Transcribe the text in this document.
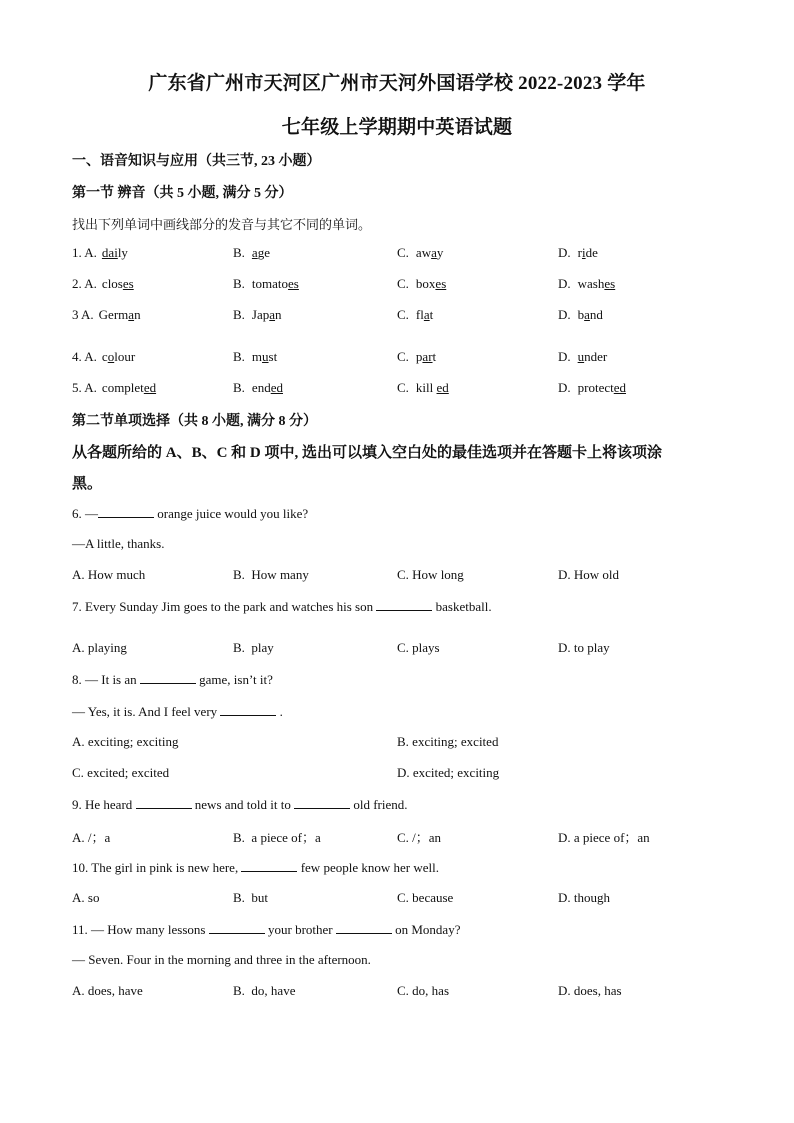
广东省广州市天河区广州市天河外国语学校 2022-2023 学年
七年级上学期期中英语试题
一、语音知识与应用（共三节, 23 小题）
第一节 辨音（共 5 小题, 满分 5 分）
找出下列单词中画线部分的发音与其它不同的单词。
1. A. daily	B. age	C. away	D. ride
2. A. closes	B. tomatoes	C. boxes	D. washes
3 A. German	B. Japan	C. flat	D. band
4. A. colour	B. must	C. part	D. under
5. A. completed	B. ended	C. kill ed	D. protected
第二节单项选择（共 8 小题, 满分 8 分）
从各题所给的 A、B、C 和 D 项中, 选出可以填入空白处的最佳选项并在答题卡上将该项涂
黑。
6. —	orange juice would you like?
—A little, thanks.
A. How much	B.  How many	C. How long	D. How old
7. Every Sunday Jim goes to the park and watches his son	basketball.
A. playing	B.  play	C. plays	D. to play
8. — It is an	game, isn’t it?
— Yes, it is. And I feel very	.
A. exciting; exciting	B. exciting; excited
C. excited; excited	D. excited; exciting
9. He heard	news and told it to	old friend.
A. /；a	B.  a piece of；a	C. /；an	D. a piece of；an
10. The girl in pink is new here,	few people know her well.
A. so	B.  but	C. because	D. though
11. — How many lessons	your brother	on Monday?
— Seven. Four in the morning and three in the afternoon.
A. does, have	B.  do, have	C. do, has	D. does, has
